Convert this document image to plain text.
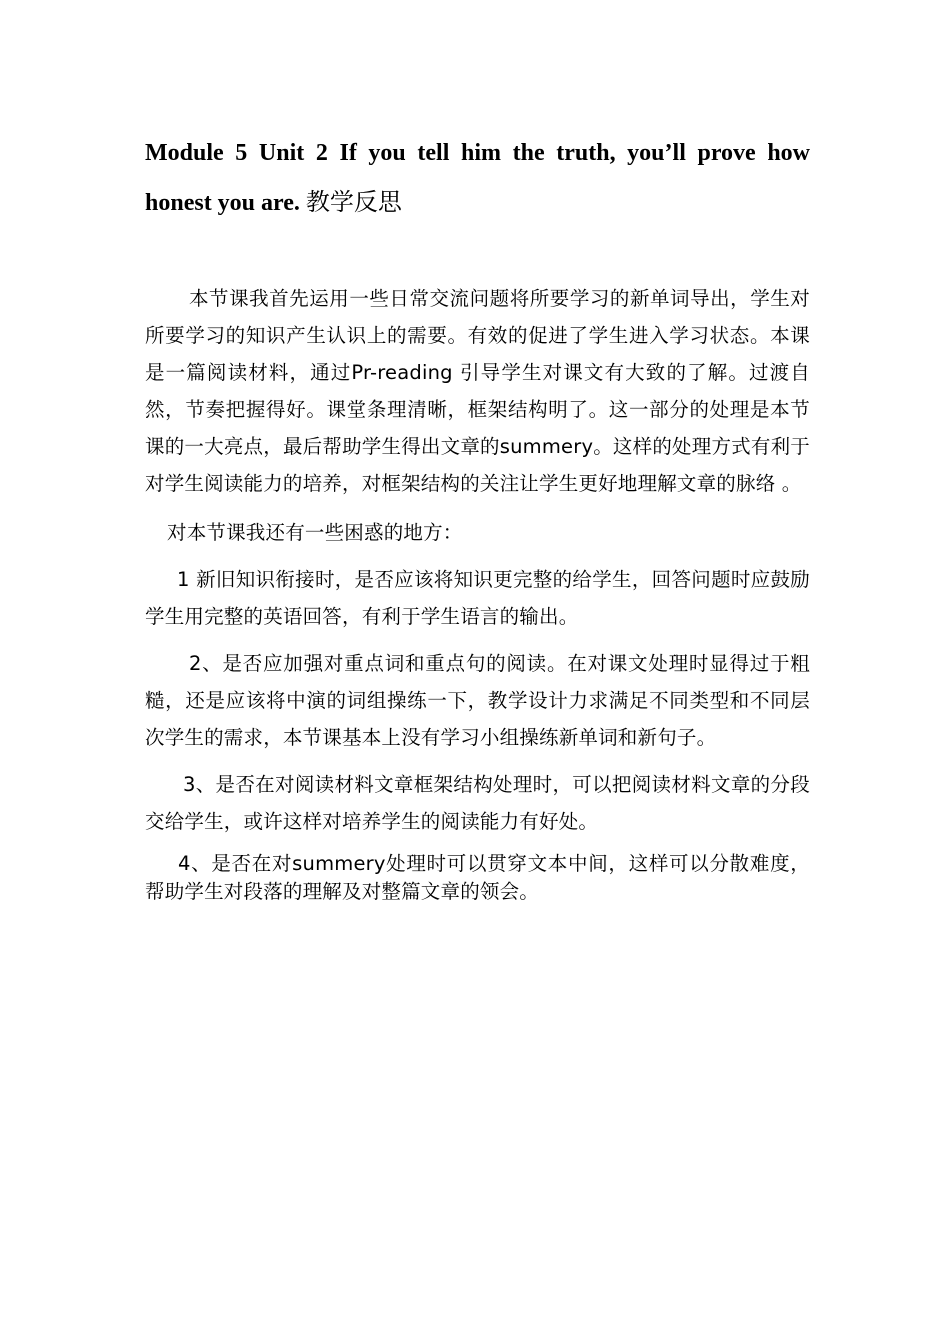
Module 5 Unit 2 If you tell him the truth, you’ll prove how honest you are. 教学反思

本节课我首先运用一些日常交流问题将所要学习的新单词导出，学生对所要学习的知识产生认识上的需要。有效的促进了学生进入学习状态。本课是一篇阅读材料，通过Pr-reading 引导学生对课文有大致的了解。过渡自然，节奏把握得好。课堂条理清晰，框架结构明了。这一部分的处理是本节课的一大亮点，最后帮助学生得出文章的summery。这样的处理方式有利于对学生阅读能力的培养，对框架结构的关注让学生更好地理解文章的脉络 。

对本节课我还有一些困惑的地方：

1 新旧知识衔接时，是否应该将知识更完整的给学生，回答问题时应鼓励学生用完整的英语回答，有利于学生语言的输出。

2、是否应加强对重点词和重点句的阅读。在对课文处理时显得过于粗糙，还是应该将中演的词组操练一下，教学设计力求满足不同类型和不同层次学生的需求，本节课基本上没有学习小组操练新单词和新句子。

3、是否在对阅读材料文章框架结构处理时，可以把阅读材料文章的分段交给学生，或许这样对培养学生的阅读能力有好处。

4、是否在对summery处理时可以贯穿文本中间，这样可以分散难度，帮助学生对段落的理解及对整篇文章的领会。
